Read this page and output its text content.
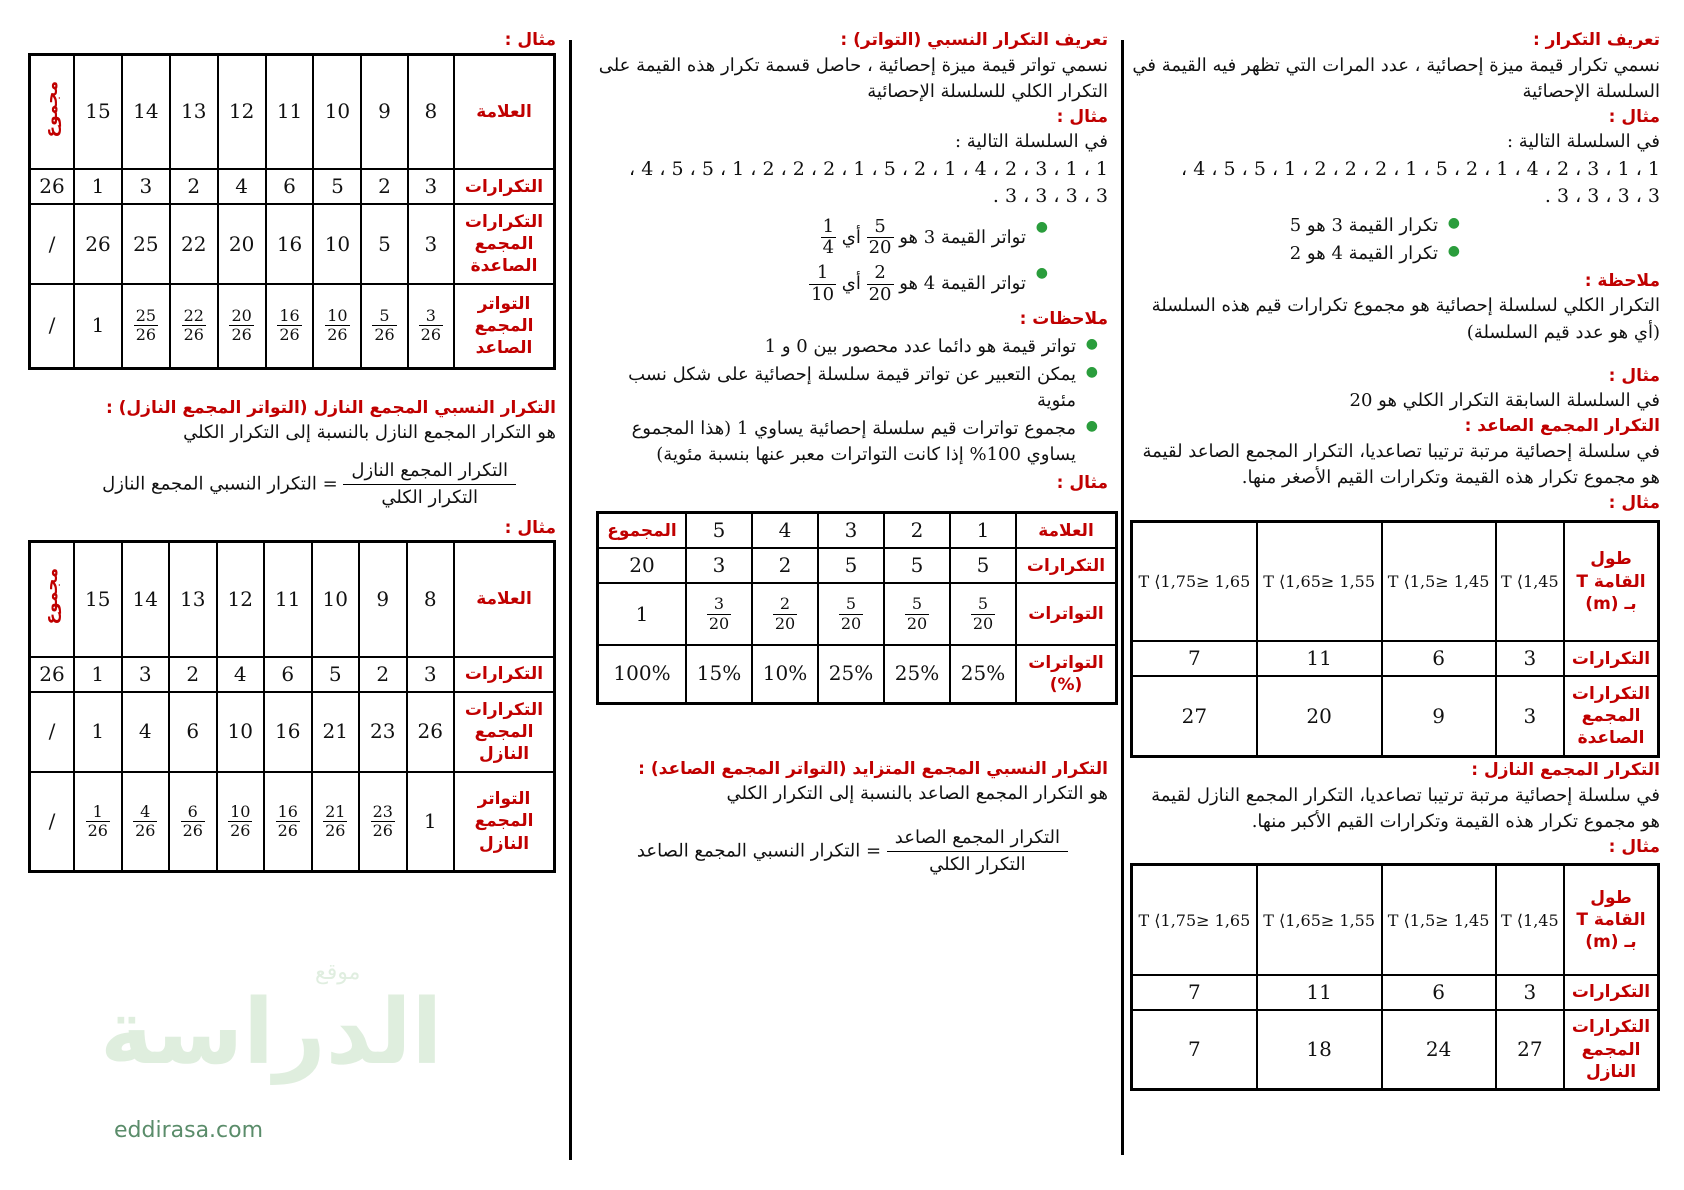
تعريف التكرار :

نسمي تكرار قيمة ميزة إحصائية ، عدد المرات التي تظهر فيه القيمة في السلسلة الإحصائية

مثال :

في السلسلة التالية :

1 ، 1 ، 3 ، 2 ، 4 ، 1 ، 2 ، 5 ، 1 ، 2 ، 2 ، 2 ، 1 ، 5 ، 5 ، 4 ،

3 ، 3 ، 3 ، 3 .

● تكرار القيمة 3 هو 5
● تكرار القيمة 4 هو 2

ملاحظة :

التكرار الكلي لسلسلة إحصائية هو مجموع تكرارات قيم هذه السلسلة (أي هو عدد قيم السلسلة)

مثال :

في السلسلة السابقة التكرار الكلي هو 20

التكرار المجمع الصاعد :

في سلسلة إحصائية مرتبة ترتيبا تصاعديا، التكرار المجمع الصاعد لقيمة هو مجموع تكرار هذه القيمة وتكرارات القيم الأصغر منها.

مثال :

طول القامة T بـ (m)	T ⟨1,45	1,45 ≤T ⟨1,5	1,55 ≤T ⟨1,65	1,65 ≤T ⟨1,75
التكرارات	3	6	11	7
التكرارات المجمع الصاعدة	3	9	20	27

التكرار المجمع النازل :

في سلسلة إحصائية مرتبة ترتيبا تصاعديا، التكرار المجمع النازل لقيمة هو مجموع تكرار هذه القيمة وتكرارات القيم الأكبر منها.

مثال :

طول القامة T بـ (m)	T ⟨1,45	1,45 ≤T ⟨1,5	1,55 ≤T ⟨1,65	1,65 ≤T ⟨1,75
التكرارات	3	6	11	7
التكرارات المجمع النازل	27	24	18	7

تعريف التكرار النسبي (التواتر) :

نسمي تواتر قيمة ميزة إحصائية ، حاصل قسمة تكرار هذه القيمة على التكرار الكلي للسلسلة الإحصائية

مثال :

في السلسلة التالية :

1 ، 1 ، 3 ، 2 ، 4 ، 1 ، 2 ، 5 ، 1 ، 2 ، 2 ، 2 ، 1 ، 5 ، 5 ، 4 ،

3 ، 3 ، 3 ، 3 .

● تواتر القيمة 3 هو
$\frac{5}{20}$
أي
$\frac{1}{4}$
● تواتر القيمة 4 هو
$\frac{2}{20}$
أي
$\frac{1}{10}$

ملاحظات :

● تواتر قيمة هو دائما عدد محصور بين 0 و 1
● يمكن التعبير عن تواتر قيمة سلسلة إحصائية على شكل نسب مئوية
● مجموع تواترات قيم سلسلة إحصائية يساوي 1 (هذا المجموع يساوي 100% إذا كانت التواترات معبر عنها بنسبة مئوية)

مثال :

العلامة	1	2	3	4	5	المجموع
التكرارات	5	5	5	2	3	20
التواترات	$\frac{5}{20}$	$\frac{5}{20}$	$\frac{5}{20}$	$\frac{2}{20}$	$\frac{3}{20}$	1
التواترات (%)	25%	25%	25%	10%	15%	100%

التكرار النسبي المجمع المتزايد (التواتر المجمع الصاعد) :

هو التكرار المجمع الصاعد بالنسبة إلى التكرار الكلي

التكرار المجمع الصاعد
التكرار الكلي
= التكرار النسبي المجمع الصاعد

مثال :

العلامة	8	9	10	11	12	13	14	15	مجموع
التكرارات	3	2	5	6	4	2	3	1	26
التكرارات المجمع الصاعدة	3	5	10	16	20	22	25	26	/
التواتر المجمع الصاعد	$\frac{3}{26}$	$\frac{5}{26}$	$\frac{10}{26}$	$\frac{16}{26}$	$\frac{20}{26}$	$\frac{22}{26}$	$\frac{25}{26}$	1	/

التكرار النسبي المجمع النازل (التواتر المجمع النازل) :

هو التكرار المجمع النازل بالنسبة إلى التكرار الكلي

التكرار المجمع النازل
التكرار الكلي
= التكرار النسبي المجمع النازل

مثال :

العلامة	8	9	10	11	12	13	14	15	مجموع
التكرارات	3	2	5	6	4	2	3	1	26
التكرارات المجمع النازل	26	23	21	16	10	6	4	1	/
التواتر المجمع النازل	1	$\frac{23}{26}$	$\frac{21}{26}$	$\frac{16}{26}$	$\frac{10}{26}$	$\frac{6}{26}$	$\frac{4}{26}$	$\frac{1}{26}$	/
موقع
الدراسة
eddirasa.com
